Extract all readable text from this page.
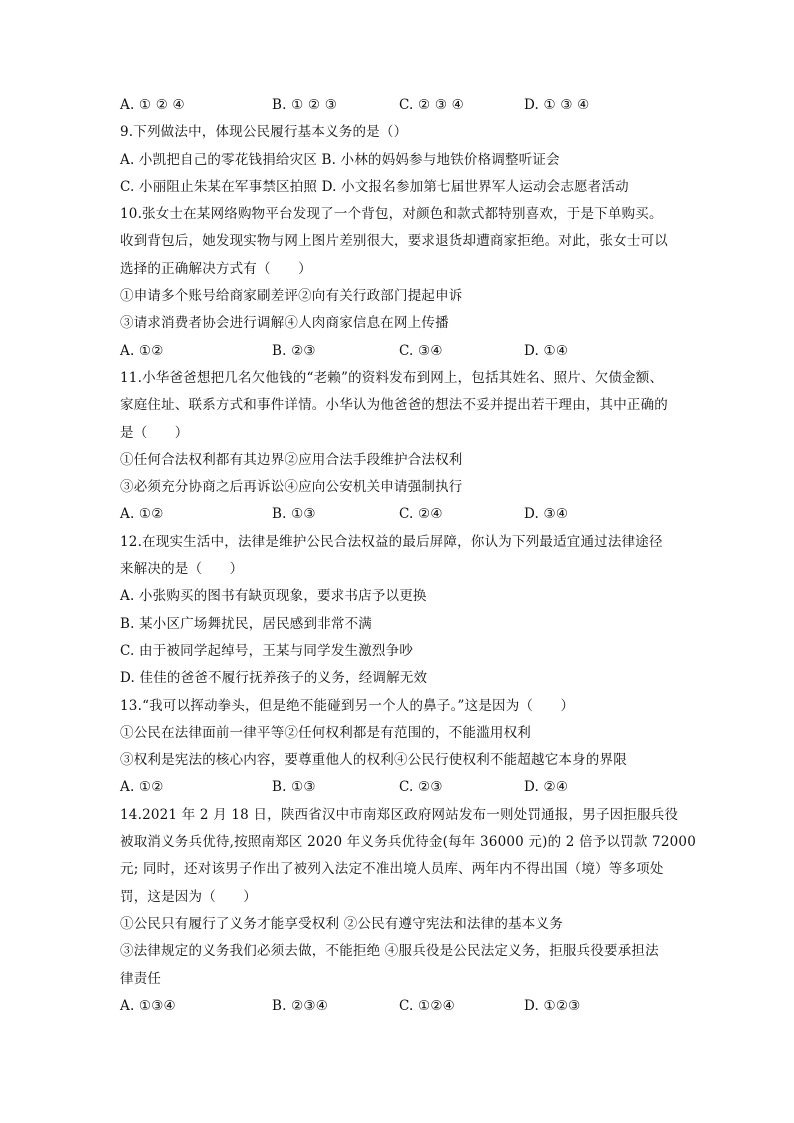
A. ① ② ④	B. ① ② ③	C. ② ③ ④	D. ① ③ ④
9.下列做法中，体现公民履行基本义务的是（）
A. 小凯把自己的零花钱捐给灾区 B. 小林的妈妈参与地铁价格调整听证会
C. 小丽阻止朱某在军事禁区拍照 D. 小文报名参加第七届世界军人运动会志愿者活动
10.张女士在某网络购物平台发现了一个背包，对颜色和款式都特别喜欢，于是下单购买。
收到背包后，她发现实物与网上图片差别很大，要求退货却遭商家拒绝。对此，张女士可以
选择的正确解决方式有（　　）
①申请多个账号给商家刷差评②向有关行政部门提起申诉
③请求消费者协会进行调解④人肉商家信息在网上传播
A. ①②	B. ②③	C. ③④	D. ①④
11.小华爸爸想把几名欠他钱的“老赖”的资料发布到网上，包括其姓名、照片、欠债金额、
家庭住址、联系方式和事件详情。小华认为他爸爸的想法不妥并提出若干理由，其中正确的
是（　　）
①任何合法权利都有其边界②应用合法手段维护合法权利
③必须充分协商之后再诉讼④应向公安机关申请强制执行
A. ①②	B. ①③	C. ②④	D. ③④
12.在现实生活中，法律是维护公民合法权益的最后屏障，你认为下列最适宜通过法律途径
来解决的是（　　）
A. 小张购买的图书有缺页现象，要求书店予以更换
B. 某小区广场舞扰民，居民感到非常不满
C. 由于被同学起绰号，王某与同学发生激烈争吵
D. 佳佳的爸爸不履行抚养孩子的义务，经调解无效
13.“我可以挥动拳头，但是绝不能碰到另一个人的鼻子。”这是因为（　　）
①公民在法律面前一律平等②任何权利都是有范围的，不能滥用权利
③权利是宪法的核心内容，要尊重他人的权利④公民行使权利不能超越它本身的界限
A. ①②	B. ①③	C. ②③	D. ②④
14.2021 年 2 月 18 日，陕西省汉中市南郑区政府网站发布一则处罚通报，男子因拒服兵役
被取消义务兵优待,按照南郑区 2020 年义务兵优待金(每年 36000 元)的 2 倍予以罚款 72000
元; 同时，还对该男子作出了被列入法定不准出境人员库、两年内不得出国（境）等多项处
罚，这是因为（　　）
①公民只有履行了义务才能享受权利 ②公民有遵守宪法和法律的基本义务
③法律规定的义务我们必须去做，不能拒绝 ④服兵役是公民法定义务，拒服兵役要承担法
律责任
A. ①③④	B. ②③④	C. ①②④	D. ①②③
